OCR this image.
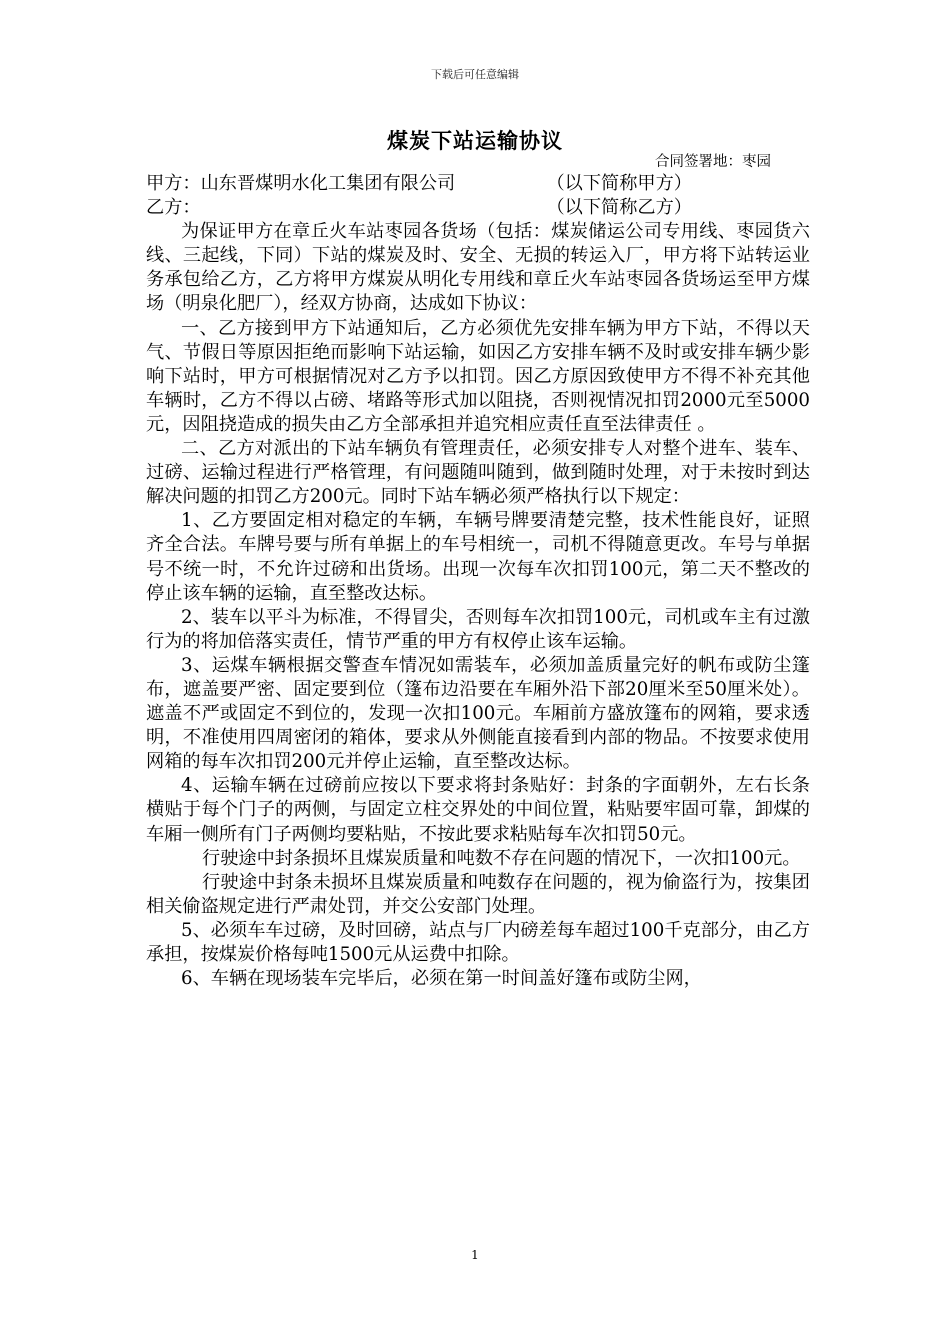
下载后可任意编辑
煤炭下站运输协议
合同签署地：枣园
甲方：山东晋煤明水化工集团有限公司	（以下简称甲方）
乙方：	（以下简称乙方）

为保证甲方在章丘火车站枣园各货场（包括：煤炭储运公司专用线、枣园货六线、三起线，下同）下站的煤炭及时、安全、无损的转运入厂，甲方将下站转运业务承包给乙方，乙方将甲方煤炭从明化专用线和章丘火车站枣园各货场运至甲方煤场（明泉化肥厂），经双方协商，达成如下协议：

一、乙方接到甲方下站通知后，乙方必须优先安排车辆为甲方下站，不得以天气、节假日等原因拒绝而影响下站运输，如因乙方安排车辆不及时或安排车辆少影响下站时，甲方可根据情况对乙方予以扣罚。因乙方原因致使甲方不得不补充其他车辆时，乙方不得以占磅、堵路等形式加以阻挠，否则视情况扣罚2000元至5000元，因阻挠造成的损失由乙方全部承担并追究相应责任直至法律责任 。

二、乙方对派出的下站车辆负有管理责任，必须安排专人对整个进车、装车、过磅、运输过程进行严格管理，有问题随叫随到，做到随时处理，对于未按时到达解决问题的扣罚乙方200元。同时下站车辆必须严格执行以下规定：

1、乙方要固定相对稳定的车辆，车辆号牌要清楚完整，技术性能良好，证照齐全合法。车牌号要与所有单据上的车号相统一，司机不得随意更改。车号与单据号不统一时，不允许过磅和出货场。出现一次每车次扣罚100元，第二天不整改的停止该车辆的运输，直至整改达标。

2、装车以平斗为标准，不得冒尖，否则每车次扣罚100元，司机或车主有过激行为的将加倍落实责任，情节严重的甲方有权停止该车运输。

3、运煤车辆根据交警查车情况如需装车，必须加盖质量完好的帆布或防尘篷布，遮盖要严密、固定要到位（篷布边沿要在车厢外沿下部20厘米至50厘米处）。遮盖不严或固定不到位的，发现一次扣100元。车厢前方盛放篷布的网箱，要求透明，不准使用四周密闭的箱体，要求从外侧能直接看到内部的物品。不按要求使用网箱的每车次扣罚200元并停止运输，直至整改达标。

4、运输车辆在过磅前应按以下要求将封条贴好：封条的字面朝外，左右长条横贴于每个门子的两侧，与固定立柱交界处的中间位置，粘贴要牢固可靠，卸煤的车厢一侧所有门子两侧均要粘贴，不按此要求粘贴每车次扣罚50元。

行驶途中封条损坏且煤炭质量和吨数不存在问题的情况下，一次扣100元。

行驶途中封条未损坏且煤炭质量和吨数存在问题的，视为偷盗行为，按集团相关偷盗规定进行严肃处罚，并交公安部门处理。

5、必须车车过磅，及时回磅，站点与厂内磅差每车超过100千克部分，由乙方承担，按煤炭价格每吨1500元从运费中扣除。

6、车辆在现场装车完毕后，必须在第一时间盖好篷布或防尘网，

1
